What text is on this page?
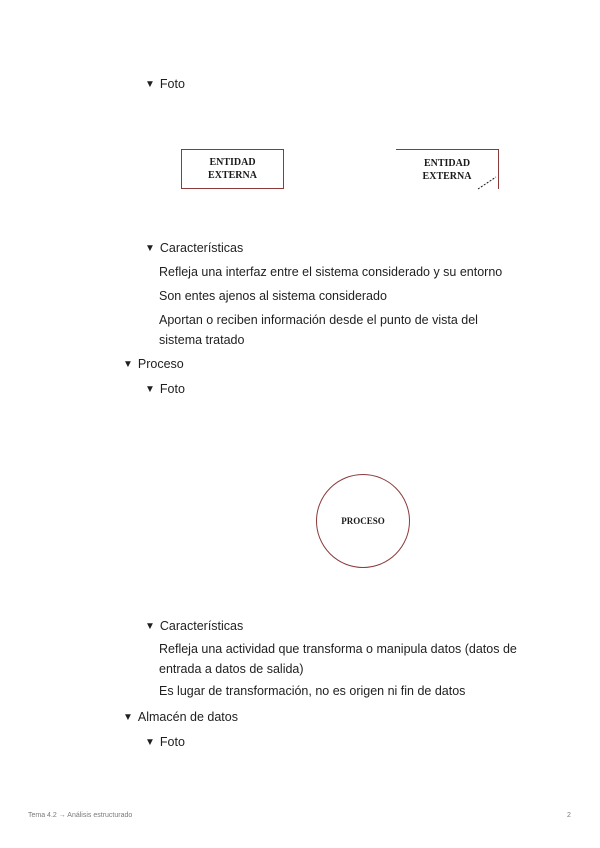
▼ Foto
ENTIDAD
EXTERNA
ENTIDAD
EXTERNA
▼ Características
Refleja una interfaz entre el sistema considerado y su entorno
Son entes ajenos al sistema considerado
Aportan o reciben información desde el punto de vista del sistema tratado
▼ Proceso
▼ Foto
PROCESO
▼ Características
Refleja una actividad que transforma o manipula datos (datos de entrada a datos de salida)
Es lugar de transformación, no es origen ni fin de datos
▼ Almacén de datos
▼ Foto
Tema 4.2 → Análisis estructurado	2
